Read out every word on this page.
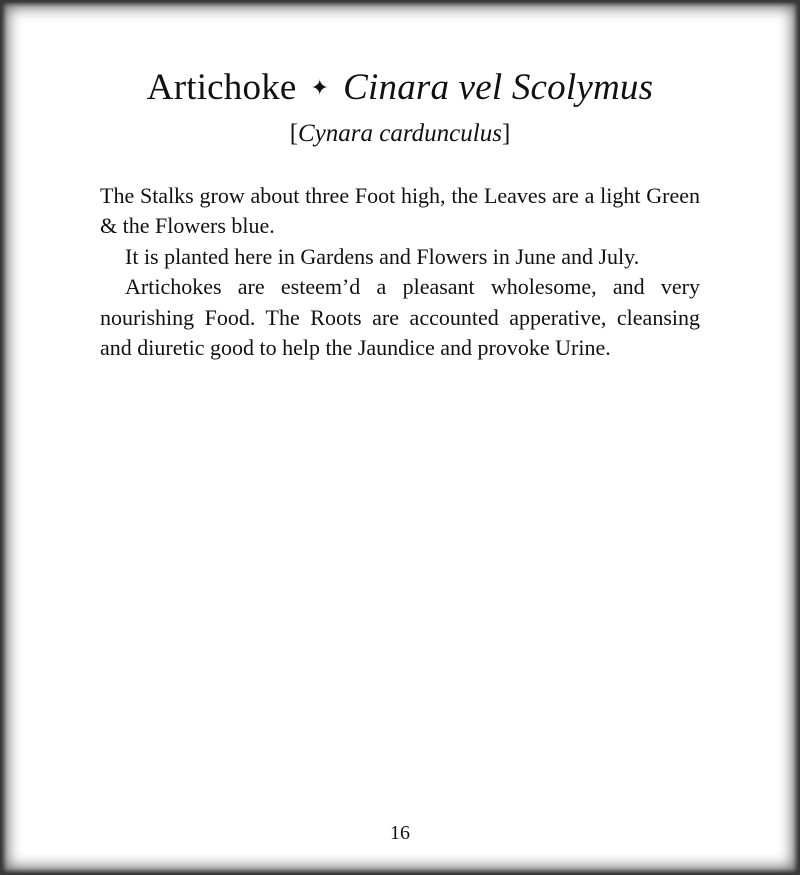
Artichoke ✦ Cinara vel Scolymus

[Cynara cardunculus]

The Stalks grow about three Foot high, the Leaves are a light Green & the Flowers blue.

It is planted here in Gardens and Flowers in June and July.

Artichokes are esteem’d a pleasant wholesome, and very nourishing Food. The Roots are accounted apperative, cleansing and diuretic good to help the Jaundice and provoke Urine.

16
